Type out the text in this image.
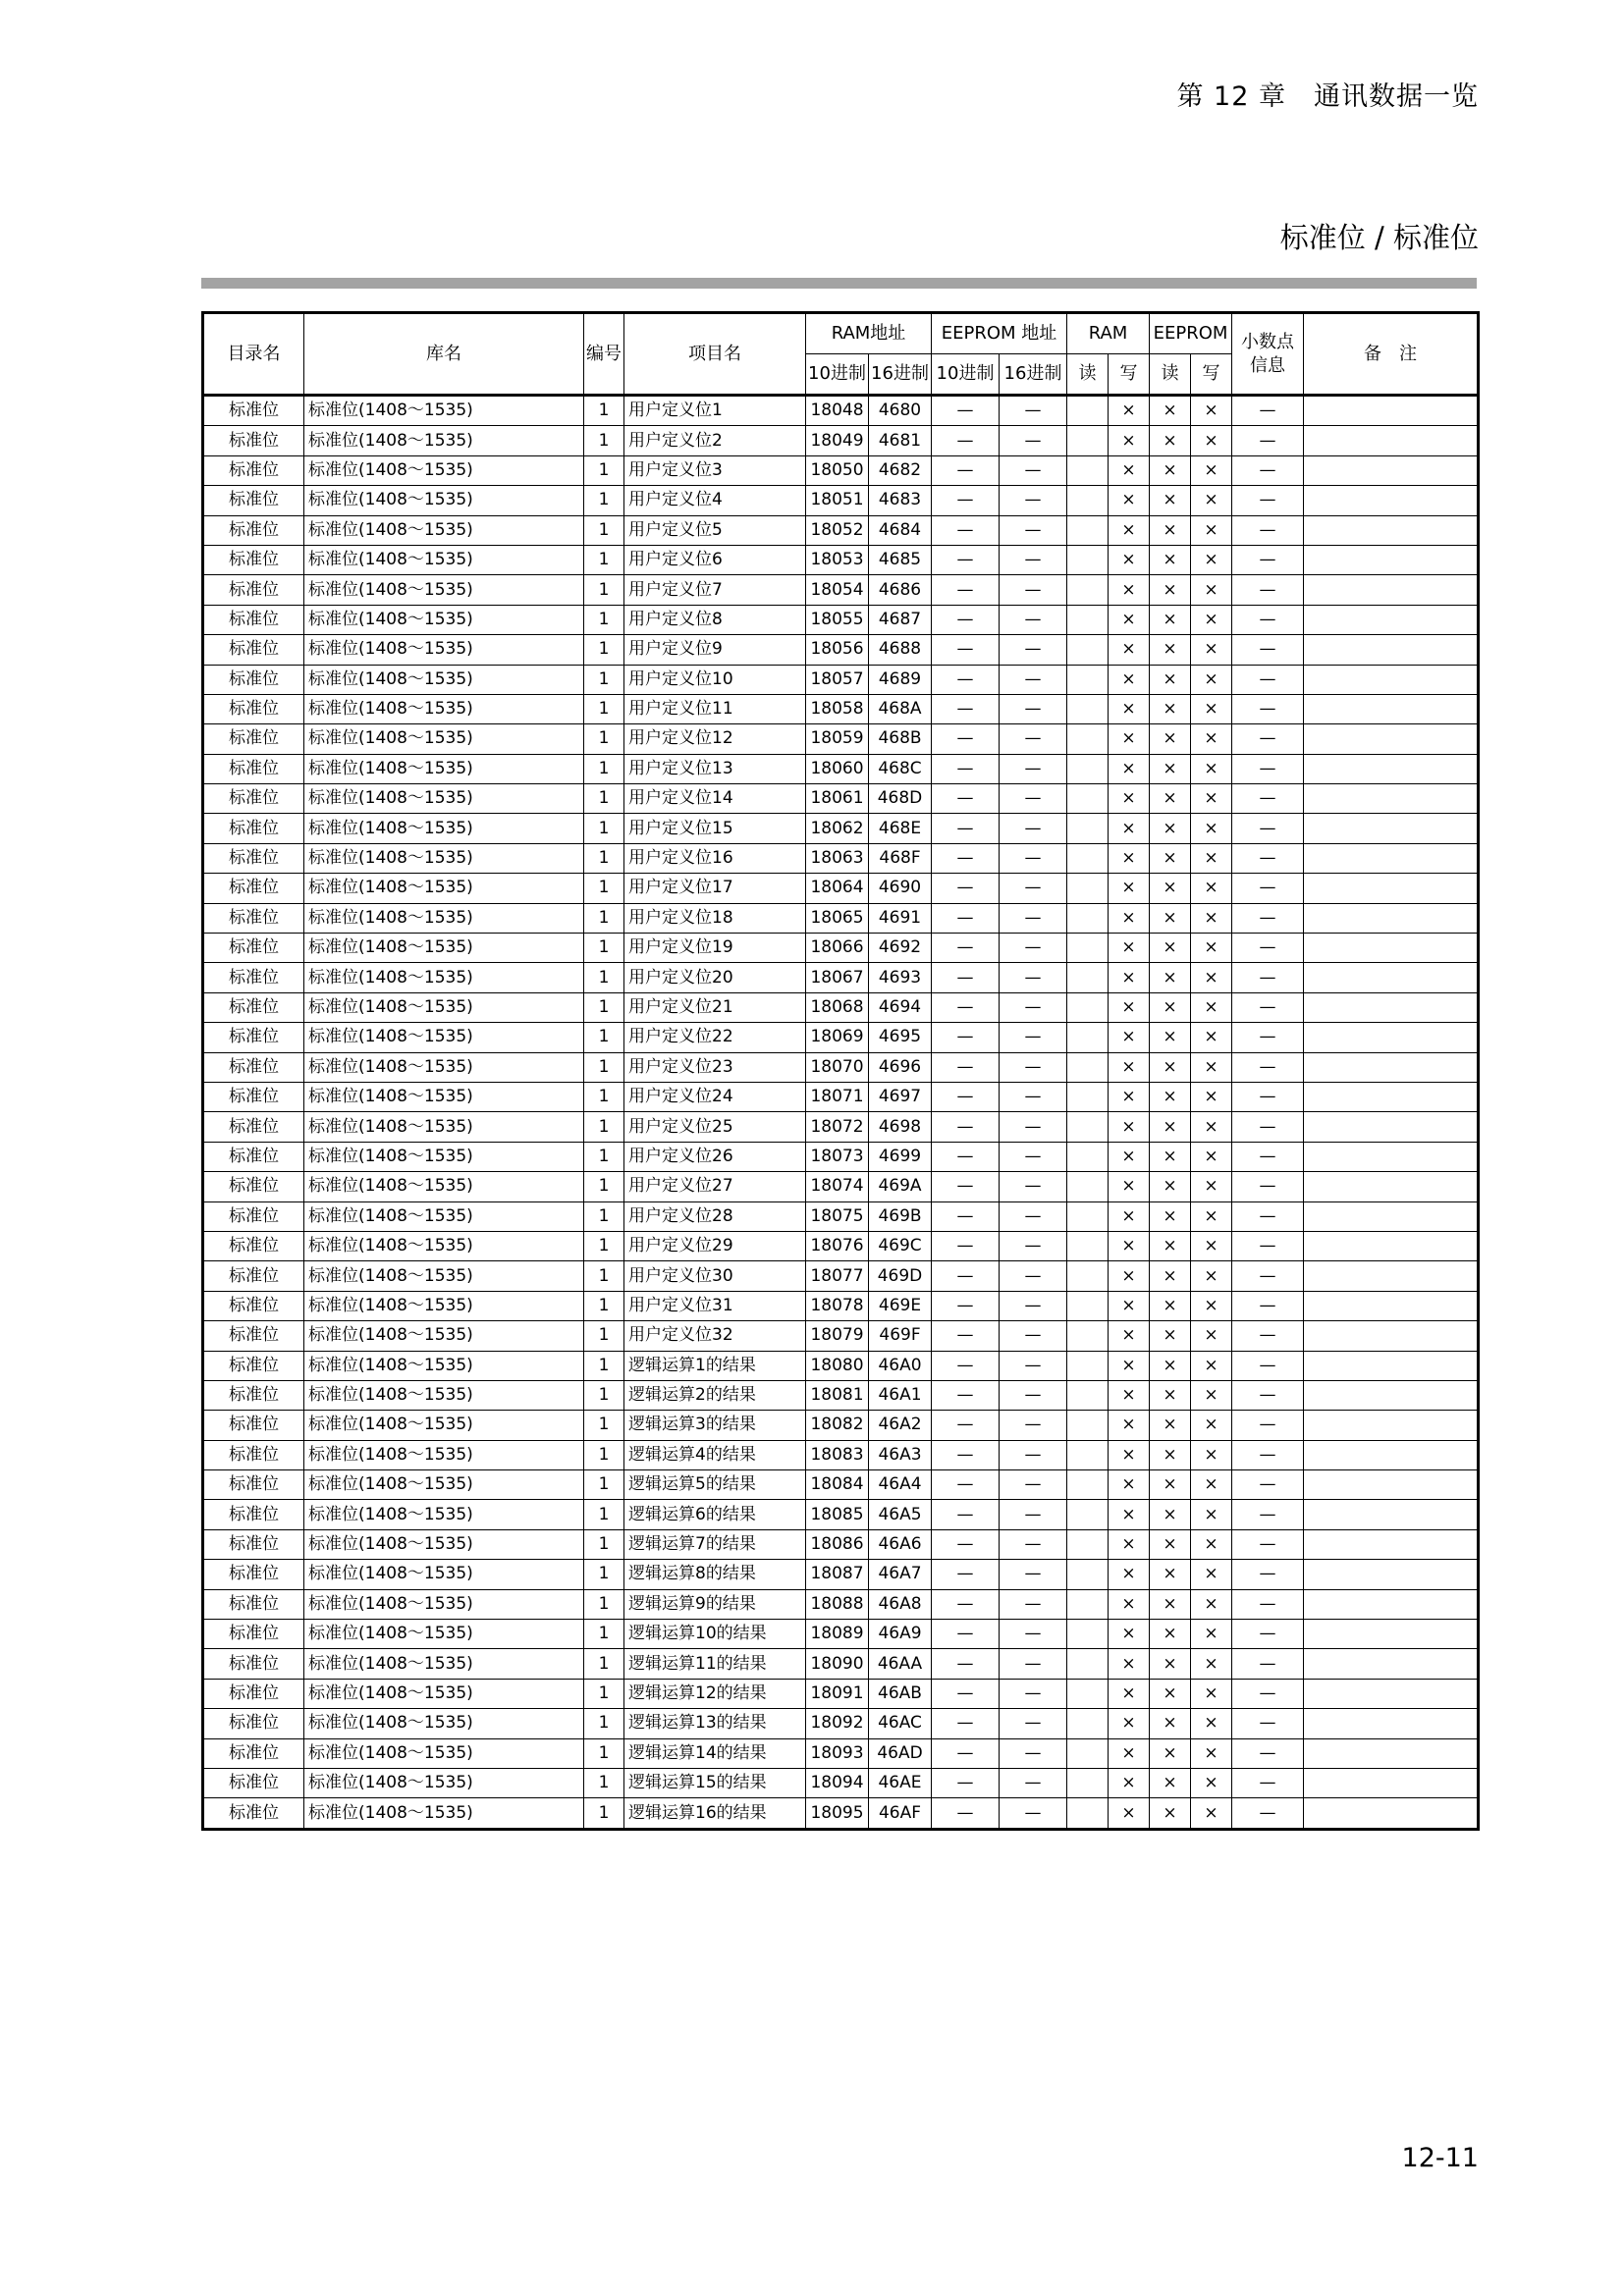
第 12 章　通讯数据一览
标准位 / 标准位
目录名	库名	编号	项目名	RAM地址		EEPROM 地址		RAM		EEPROM		小数点信息	备　注
				10进制	16进制	10进制	16进制	读	写	读	写		
标准位	标准位(1408～1535)	1	用户定义位1	18048	4680	—	—		×	×	×	—	
标准位	标准位(1408～1535)	1	用户定义位2	18049	4681	—	—		×	×	×	—	
标准位	标准位(1408～1535)	1	用户定义位3	18050	4682	—	—		×	×	×	—	
标准位	标准位(1408～1535)	1	用户定义位4	18051	4683	—	—		×	×	×	—	
标准位	标准位(1408～1535)	1	用户定义位5	18052	4684	—	—		×	×	×	—	
标准位	标准位(1408～1535)	1	用户定义位6	18053	4685	—	—		×	×	×	—	
标准位	标准位(1408～1535)	1	用户定义位7	18054	4686	—	—		×	×	×	—	
标准位	标准位(1408～1535)	1	用户定义位8	18055	4687	—	—		×	×	×	—	
标准位	标准位(1408～1535)	1	用户定义位9	18056	4688	—	—		×	×	×	—	
标准位	标准位(1408～1535)	1	用户定义位10	18057	4689	—	—		×	×	×	—	
标准位	标准位(1408～1535)	1	用户定义位11	18058	468A	—	—		×	×	×	—	
标准位	标准位(1408～1535)	1	用户定义位12	18059	468B	—	—		×	×	×	—	
标准位	标准位(1408～1535)	1	用户定义位13	18060	468C	—	—		×	×	×	—	
标准位	标准位(1408～1535)	1	用户定义位14	18061	468D	—	—		×	×	×	—	
标准位	标准位(1408～1535)	1	用户定义位15	18062	468E	—	—		×	×	×	—	
标准位	标准位(1408～1535)	1	用户定义位16	18063	468F	—	—		×	×	×	—	
标准位	标准位(1408～1535)	1	用户定义位17	18064	4690	—	—		×	×	×	—	
标准位	标准位(1408～1535)	1	用户定义位18	18065	4691	—	—		×	×	×	—	
标准位	标准位(1408～1535)	1	用户定义位19	18066	4692	—	—		×	×	×	—	
标准位	标准位(1408～1535)	1	用户定义位20	18067	4693	—	—		×	×	×	—	
标准位	标准位(1408～1535)	1	用户定义位21	18068	4694	—	—		×	×	×	—	
标准位	标准位(1408～1535)	1	用户定义位22	18069	4695	—	—		×	×	×	—	
标准位	标准位(1408～1535)	1	用户定义位23	18070	4696	—	—		×	×	×	—	
标准位	标准位(1408～1535)	1	用户定义位24	18071	4697	—	—		×	×	×	—	
标准位	标准位(1408～1535)	1	用户定义位25	18072	4698	—	—		×	×	×	—	
标准位	标准位(1408～1535)	1	用户定义位26	18073	4699	—	—		×	×	×	—	
标准位	标准位(1408～1535)	1	用户定义位27	18074	469A	—	—		×	×	×	—	
标准位	标准位(1408～1535)	1	用户定义位28	18075	469B	—	—		×	×	×	—	
标准位	标准位(1408～1535)	1	用户定义位29	18076	469C	—	—		×	×	×	—	
标准位	标准位(1408～1535)	1	用户定义位30	18077	469D	—	—		×	×	×	—	
标准位	标准位(1408～1535)	1	用户定义位31	18078	469E	—	—		×	×	×	—	
标准位	标准位(1408～1535)	1	用户定义位32	18079	469F	—	—		×	×	×	—	
标准位	标准位(1408～1535)	1	逻辑运算1的结果	18080	46A0	—	—		×	×	×	—	
标准位	标准位(1408～1535)	1	逻辑运算2的结果	18081	46A1	—	—		×	×	×	—	
标准位	标准位(1408～1535)	1	逻辑运算3的结果	18082	46A2	—	—		×	×	×	—	
标准位	标准位(1408～1535)	1	逻辑运算4的结果	18083	46A3	—	—		×	×	×	—	
标准位	标准位(1408～1535)	1	逻辑运算5的结果	18084	46A4	—	—		×	×	×	—	
标准位	标准位(1408～1535)	1	逻辑运算6的结果	18085	46A5	—	—		×	×	×	—	
标准位	标准位(1408～1535)	1	逻辑运算7的结果	18086	46A6	—	—		×	×	×	—	
标准位	标准位(1408～1535)	1	逻辑运算8的结果	18087	46A7	—	—		×	×	×	—	
标准位	标准位(1408～1535)	1	逻辑运算9的结果	18088	46A8	—	—		×	×	×	—	
标准位	标准位(1408～1535)	1	逻辑运算10的结果	18089	46A9	—	—		×	×	×	—	
标准位	标准位(1408～1535)	1	逻辑运算11的结果	18090	46AA	—	—		×	×	×	—	
标准位	标准位(1408～1535)	1	逻辑运算12的结果	18091	46AB	—	—		×	×	×	—	
标准位	标准位(1408～1535)	1	逻辑运算13的结果	18092	46AC	—	—		×	×	×	—	
标准位	标准位(1408～1535)	1	逻辑运算14的结果	18093	46AD	—	—		×	×	×	—	
标准位	标准位(1408～1535)	1	逻辑运算15的结果	18094	46AE	—	—		×	×	×	—	
标准位	标准位(1408～1535)	1	逻辑运算16的结果	18095	46AF	—	—		×	×	×	—	
12-11
